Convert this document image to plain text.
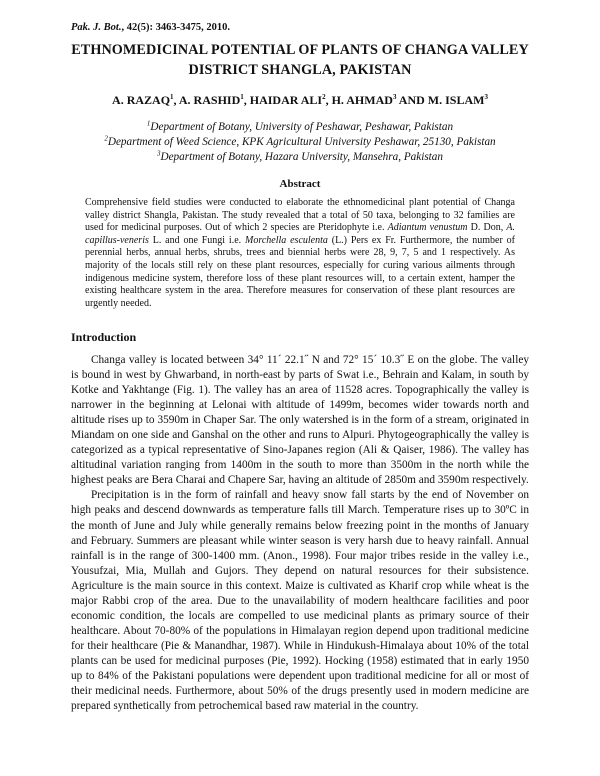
Pak. J. Bot., 42(5): 3463-3475, 2010.
ETHNOMEDICINAL POTENTIAL OF PLANTS OF CHANGA VALLEY DISTRICT SHANGLA, PAKISTAN
A. RAZAQ$^1$, A. RASHID$^1$, HAIDAR ALI$^2$, H. AHMAD$^3$ AND M. ISLAM$^3$
$^1$Department of Botany, University of Peshawar, Peshawar, Pakistan
$^2$Department of Weed Science, KPK Agricultural University Peshawar, 25130, Pakistan
$^3$Department of Botany, Hazara University, Mansehra, Pakistan
Abstract
Comprehensive field studies were conducted to elaborate the ethnomedicinal plant potential of Changa valley district Shangla, Pakistan. The study revealed that a total of 50 taxa, belonging to 32 families are used for medicinal purposes. Out of which 2 species are Pteridophyte i.e. Adiantum venustum D. Don, A. capillus-veneris L. and one Fungi i.e. Morchella esculenta (L.) Pers ex Fr. Furthermore, the number of perennial herbs, annual herbs, shrubs, trees and biennial herbs were 28, 9, 7, 5 and 1 respectively. As majority of the locals still rely on these plant resources, especially for curing various ailments through indigenous medicine system, therefore loss of these plant resources will, to a certain extent, hamper the existing healthcare system in the area. Therefore measures for conservation of these plant resources are urgently needed.
Introduction

Changa valley is located between 34° 11´ 22.1˝ N and 72° 15´ 10.3˝ E on the globe. The valley is bound in west by Ghwarband, in north-east by parts of Swat i.e., Behrain and Kalam, in south by Kotke and Yakhtange (Fig. 1). The valley has an area of 11528 acres. Topographically the valley is narrower in the beginning at Lelonai with altitude of 1499m, becomes wider towards north and altitude rises up to 3590m in Chaper Sar. The only watershed is in the form of a stream, originated in Miandam on one side and Ganshal on the other and runs to Alpuri. Phytogeographically the valley is categorized as a typical representative of Sino-Japanes region (Ali & Qaiser, 1986). The valley has altitudinal variation ranging from 1400m in the south to more than 3500m in the north while the highest peaks are Bera Charai and Chapere Sar, having an altitude of 2850m and 3590m respectively.

Precipitation is in the form of rainfall and heavy snow fall starts by the end of November on high peaks and descend downwards as temperature falls till March. Temperature rises up to 30ºC in the month of June and July while generally remains below freezing point in the months of January and February. Summers are pleasant while winter season is very harsh due to heavy rainfall. Annual rainfall is in the range of 300-1400 mm. (Anon., 1998). Four major tribes reside in the valley i.e., Yousufzai, Mia, Mullah and Gujors. They depend on natural resources for their subsistence. Agriculture is the main source in this context. Maize is cultivated as Kharif crop while wheat is the major Rabbi crop of the area. Due to the unavailability of modern healthcare facilities and poor economic condition, the locals are compelled to use medicinal plants as primary source of their healthcare. About 70-80% of the populations in Himalayan region depend upon traditional medicine for their healthcare (Pie & Manandhar, 1987). While in Hindukush-Himalaya about 10% of the total plants can be used for medicinal purposes (Pie, 1992). Hocking (1958) estimated that in early 1950 up to 84% of the Pakistani populations were dependent upon traditional medicine for all or most of their medicinal needs. Furthermore, about 50% of the drugs presently used in modern medicine are prepared synthetically from petrochemical based raw material in the country.
